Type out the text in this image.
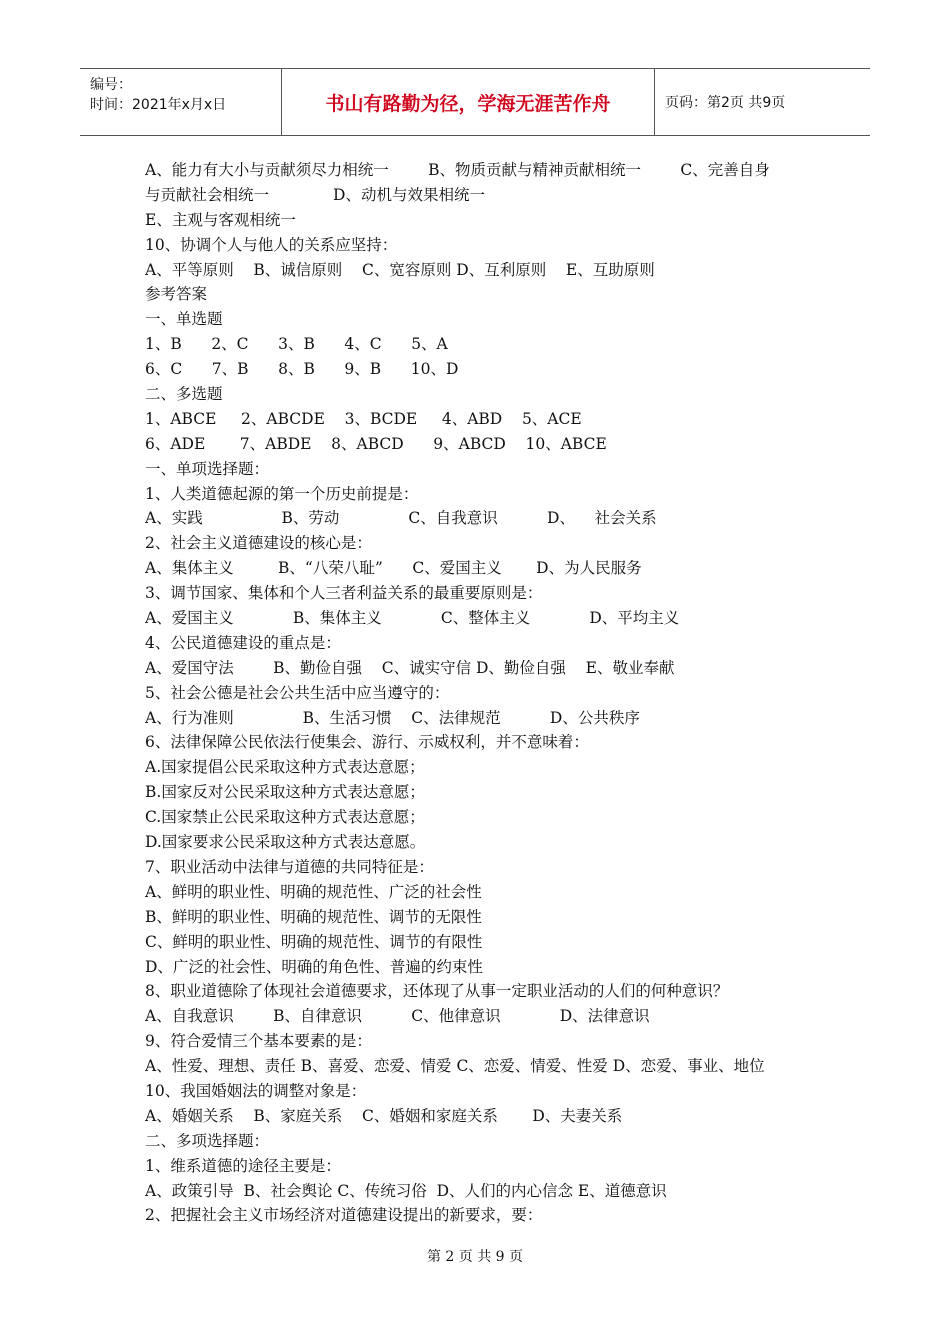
编号：
时间：2021年x月x日	书山有路勤为径，学海无涯苦作舟	页码：第2页 共9页
A、能力有大小与贡献须尽力相统一        B、物质贡献与精神贡献相统一        C、完善自身
与贡献社会相统一             D、动机与效果相统一
E、主观与客观相统一
10、协调个人与他人的关系应坚持：
A、平等原则    B、诚信原则    C、宽容原则 D、互利原则    E、互助原则
参考答案
一、单选题
1、B      2、C      3、B      4、C      5、A
6、C      7、B      8、B      9、B      10、D
二、多选题
1、ABCE     2、ABCDE    3、BCDE     4、ABD    5、ACE
6、ADE       7、ABDE    8、ABCD      9、ABCD    10、ABCE
一、单项选择题：
1、人类道德起源的第一个历史前提是：
A、实践                B、劳动              C、自我意识          D、    社会关系
2、社会主义道德建设的核心是：
A、集体主义         B、“八荣八耻”      C、爱国主义       D、为人民服务
3、调节国家、集体和个人三者利益关系的最重要原则是：
A、爱国主义            B、集体主义            C、整体主义            D、平均主义
4、公民道德建设的重点是：
A、爱国守法        B、勤俭自强    C、诚实守信 D、勤俭自强    E、敬业奉献
5、社会公德是社会公共生活中应当遵守的：
A、行为准则              B、生活习惯    C、法律规范          D、公共秩序
6、法律保障公民依法行使集会、游行、示威权利，并不意味着：
A.国家提倡公民采取这种方式表达意愿；
B.国家反对公民采取这种方式表达意愿；
C.国家禁止公民采取这种方式表达意愿；
D.国家要求公民采取这种方式表达意愿。
7、职业活动中法律与道德的共同特征是：
A、鲜明的职业性、明确的规范性、广泛的社会性
B、鲜明的职业性、明确的规范性、调节的无限性
C、鲜明的职业性、明确的规范性、调节的有限性
D、广泛的社会性、明确的角色性、普遍的约束性
8、职业道德除了体现社会道德要求，还体现了从事一定职业活动的人们的何种意识？
A、自我意识        B、自律意识          C、他律意识            D、法律意识
9、符合爱情三个基本要素的是：
A、性爱、理想、责任 B、喜爱、恋爱、情爱 C、恋爱、情爱、性爱 D、恋爱、事业、地位
10、我国婚姻法的调整对象是：
A、婚姻关系    B、家庭关系    C、婚姻和家庭关系       D、夫妻关系
二、多项选择题：
1、维系道德的途径主要是：
A、政策引导  B、社会舆论 C、传统习俗  D、人们的内心信念 E、道德意识
2、把握社会主义市场经济对道德建设提出的新要求，要：
第 2 页 共 9 页
